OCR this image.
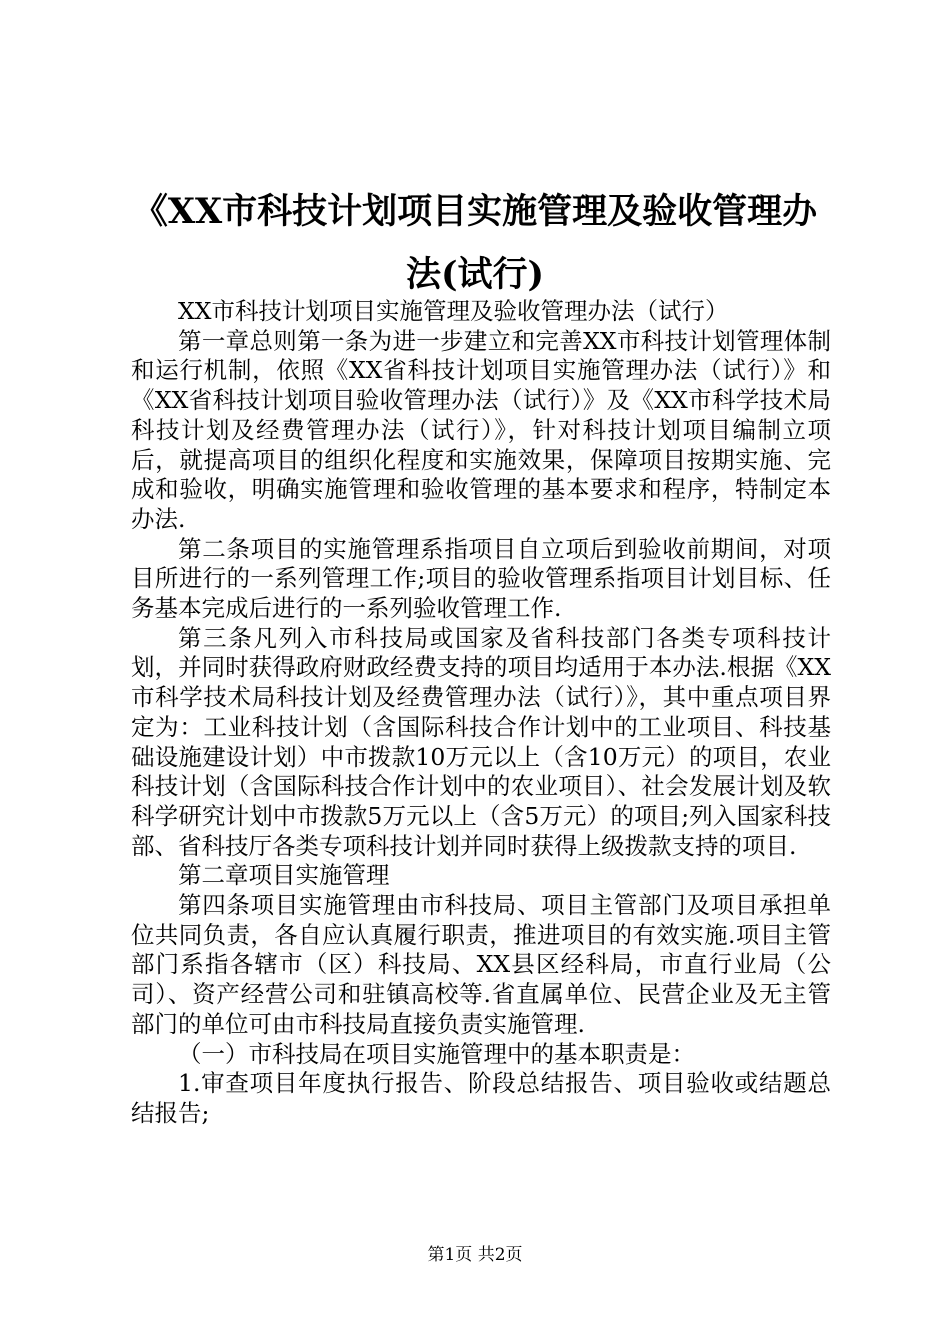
《XX市科技计划项目实施管理及验收管理办法(试行)

XX市科技计划项目实施管理及验收管理办法（试行）

第一章总则第一条为进一步建立和完善XX市科技计划管理体制和运行机制，依照《XX省科技计划项目实施管理办法（试行）》和《XX省科技计划项目验收管理办法（试行）》及《XX市科学技术局科技计划及经费管理办法（试行）》，针对科技计划项目编制立项后，就提高项目的组织化程度和实施效果，保障项目按期实施、完成和验收，明确实施管理和验收管理的基本要求和程序，特制定本办法.

第二条项目的实施管理系指项目自立项后到验收前期间，对项目所进行的一系列管理工作;项目的验收管理系指项目计划目标、任务基本完成后进行的一系列验收管理工作.

第三条凡列入市科技局或国家及省科技部门各类专项科技计划，并同时获得政府财政经费支持的项目均适用于本办法.根据《XX市科学技术局科技计划及经费管理办法（试行）》，其中重点项目界定为：工业科技计划（含国际科技合作计划中的工业项目、科技基础设施建设计划）中市拨款10万元以上（含10万元）的项目，农业科技计划（含国际科技合作计划中的农业项目）、社会发展计划及软科学研究计划中市拨款5万元以上（含5万元）的项目;列入国家科技部、省科技厅各类专项科技计划并同时获得上级拨款支持的项目.

第二章项目实施管理

第四条项目实施管理由市科技局、项目主管部门及项目承担单位共同负责，各自应认真履行职责，推进项目的有效实施.项目主管部门系指各辖市（区）科技局、XX县区经科局，市直行业局（公司）、资产经营公司和驻镇高校等.省直属单位、民营企业及无主管部门的单位可由市科技局直接负责实施管理.

（一）市科技局在项目实施管理中的基本职责是：

1.审查项目年度执行报告、阶段总结报告、项目验收或结题总结报告;

第1页 共2页
